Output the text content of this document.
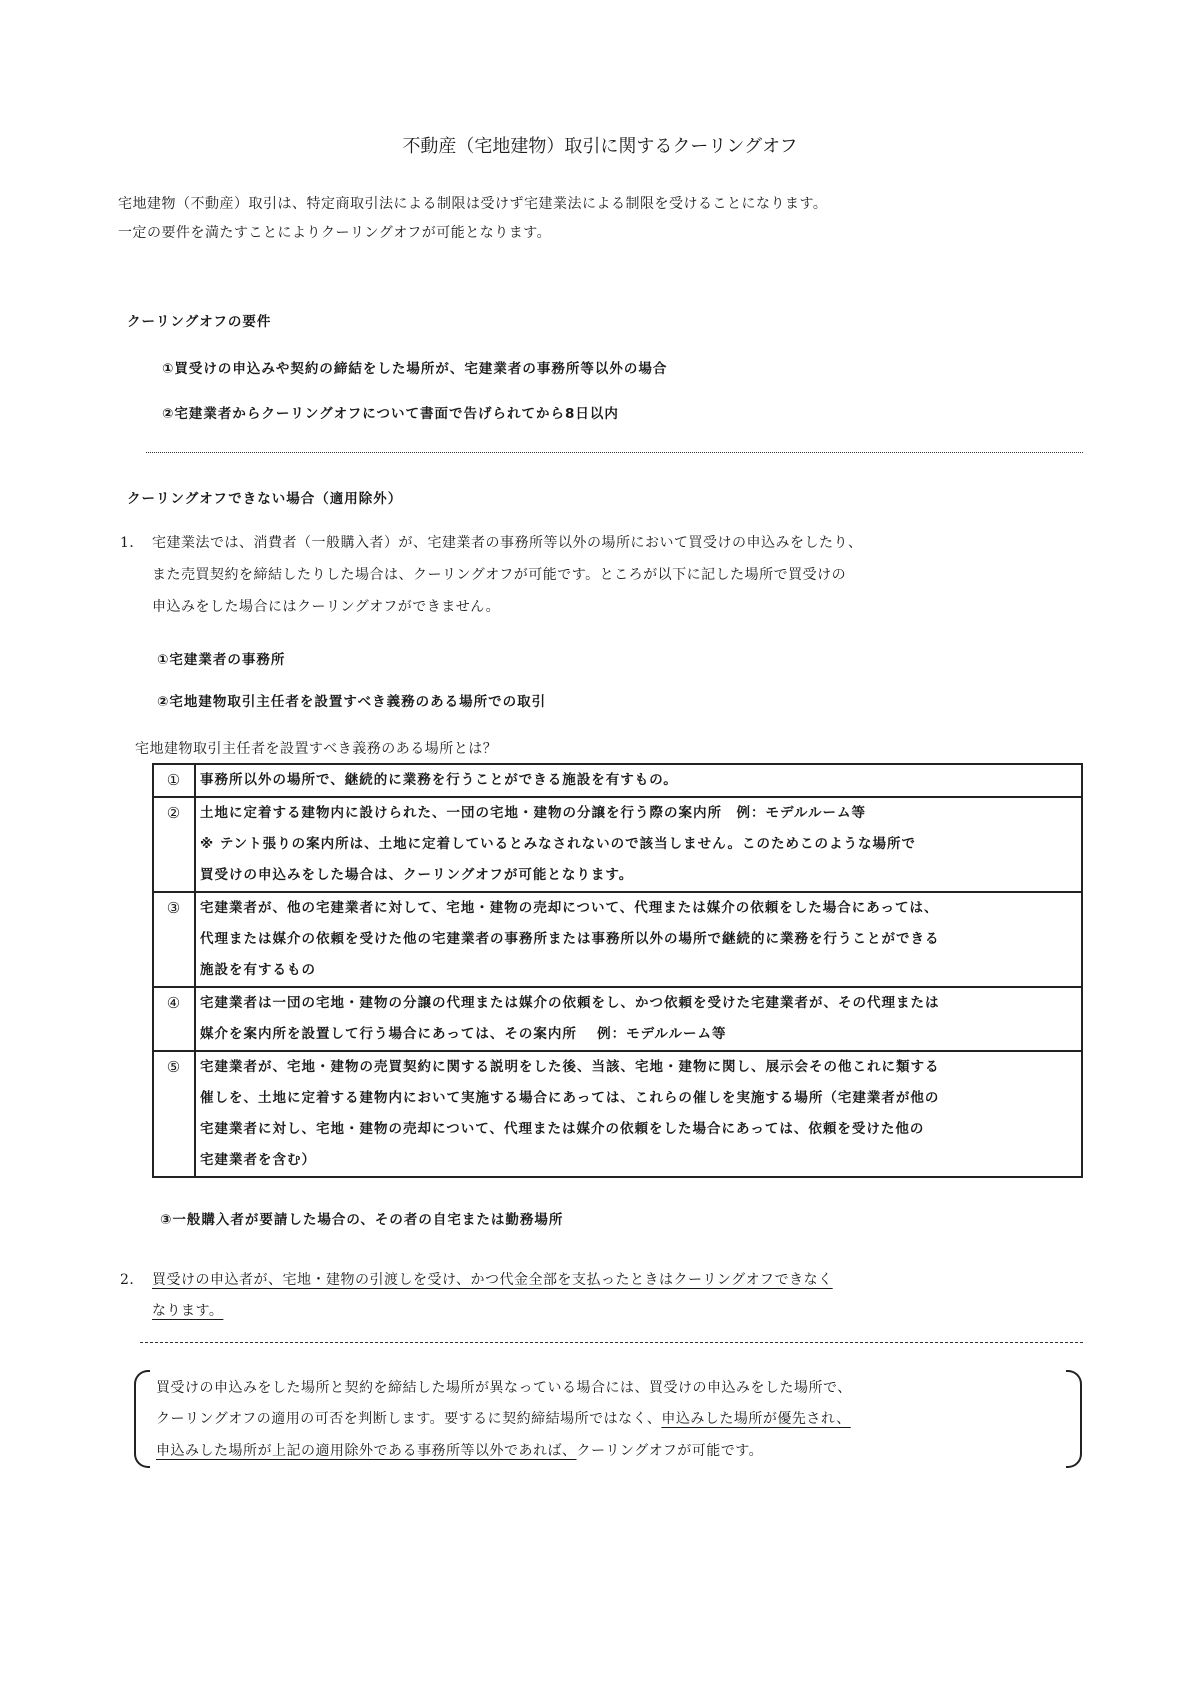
不動産（宅地建物）取引に関するクーリングオフ
宅地建物（不動産）取引は、特定商取引法による制限は受けず宅建業法による制限を受けることになります。
一定の要件を満たすことによりクーリングオフが可能となります。
クーリングオフの要件
①買受けの申込みや契約の締結をした場所が、宅建業者の事務所等以外の場合
②宅建業者からクーリングオフについて書面で告げられてから8日以内
クーリングオフできない場合（適用除外）
1． 宅建業法では、消費者（一般購入者）が、宅建業者の事務所等以外の場所において買受けの申込みをしたり、
また売買契約を締結したりした場合は、クーリングオフが可能です。ところが以下に記した場所で買受けの
申込みをした場合にはクーリングオフができません。
①宅建業者の事務所
②宅地建物取引主任者を設置すべき義務のある場所での取引
宅地建物取引主任者を設置すべき義務のある場所とは？
①	事務所以外の場所で、継続的に業務を行うことができる施設を有すもの。

②	土地に定着する建物内に設けられた、一団の宅地・建物の分譲を行う際の案内所　例：モデルルーム等
※ テント張りの案内所は、土地に定着しているとみなされないので該当しません。このためこのような場所で
買受けの申込みをした場合は、クーリングオフが可能となります。

③	宅建業者が、他の宅建業者に対して、宅地・建物の売却について、代理または媒介の依頼をした場合にあっては、
代理または媒介の依頼を受けた他の宅建業者の事務所または事務所以外の場所で継続的に業務を行うことができる
施設を有するもの

④	宅建業者は一団の宅地・建物の分譲の代理または媒介の依頼をし、かつ依頼を受けた宅建業者が、その代理または
媒介を案内所を設置して行う場合にあっては、その案内所　 例：モデルルーム等

⑤	宅建業者が、宅地・建物の売買契約に関する説明をした後、当該、宅地・建物に関し、展示会その他これに類する
催しを、土地に定着する建物内において実施する場合にあっては、これらの催しを実施する場所（宅建業者が他の
宅建業者に対し、宅地・建物の売却について、代理または媒介の依頼をした場合にあっては、依頼を受けた他の
宅建業者を含む）
③一般購入者が要請した場合の、その者の自宅または勤務場所
2． 買受けの申込者が、宅地・建物の引渡しを受け、かつ代金全部を支払ったときはクーリングオフできなく
なります。
買受けの申込みをした場所と契約を締結した場所が異なっている場合には、買受けの申込みをした場所で、
クーリングオフの適用の可否を判断します。要するに契約締結場所ではなく、申込みした場所が優先され、
申込みした場所が上記の適用除外である事務所等以外であれば、クーリングオフが可能です。
